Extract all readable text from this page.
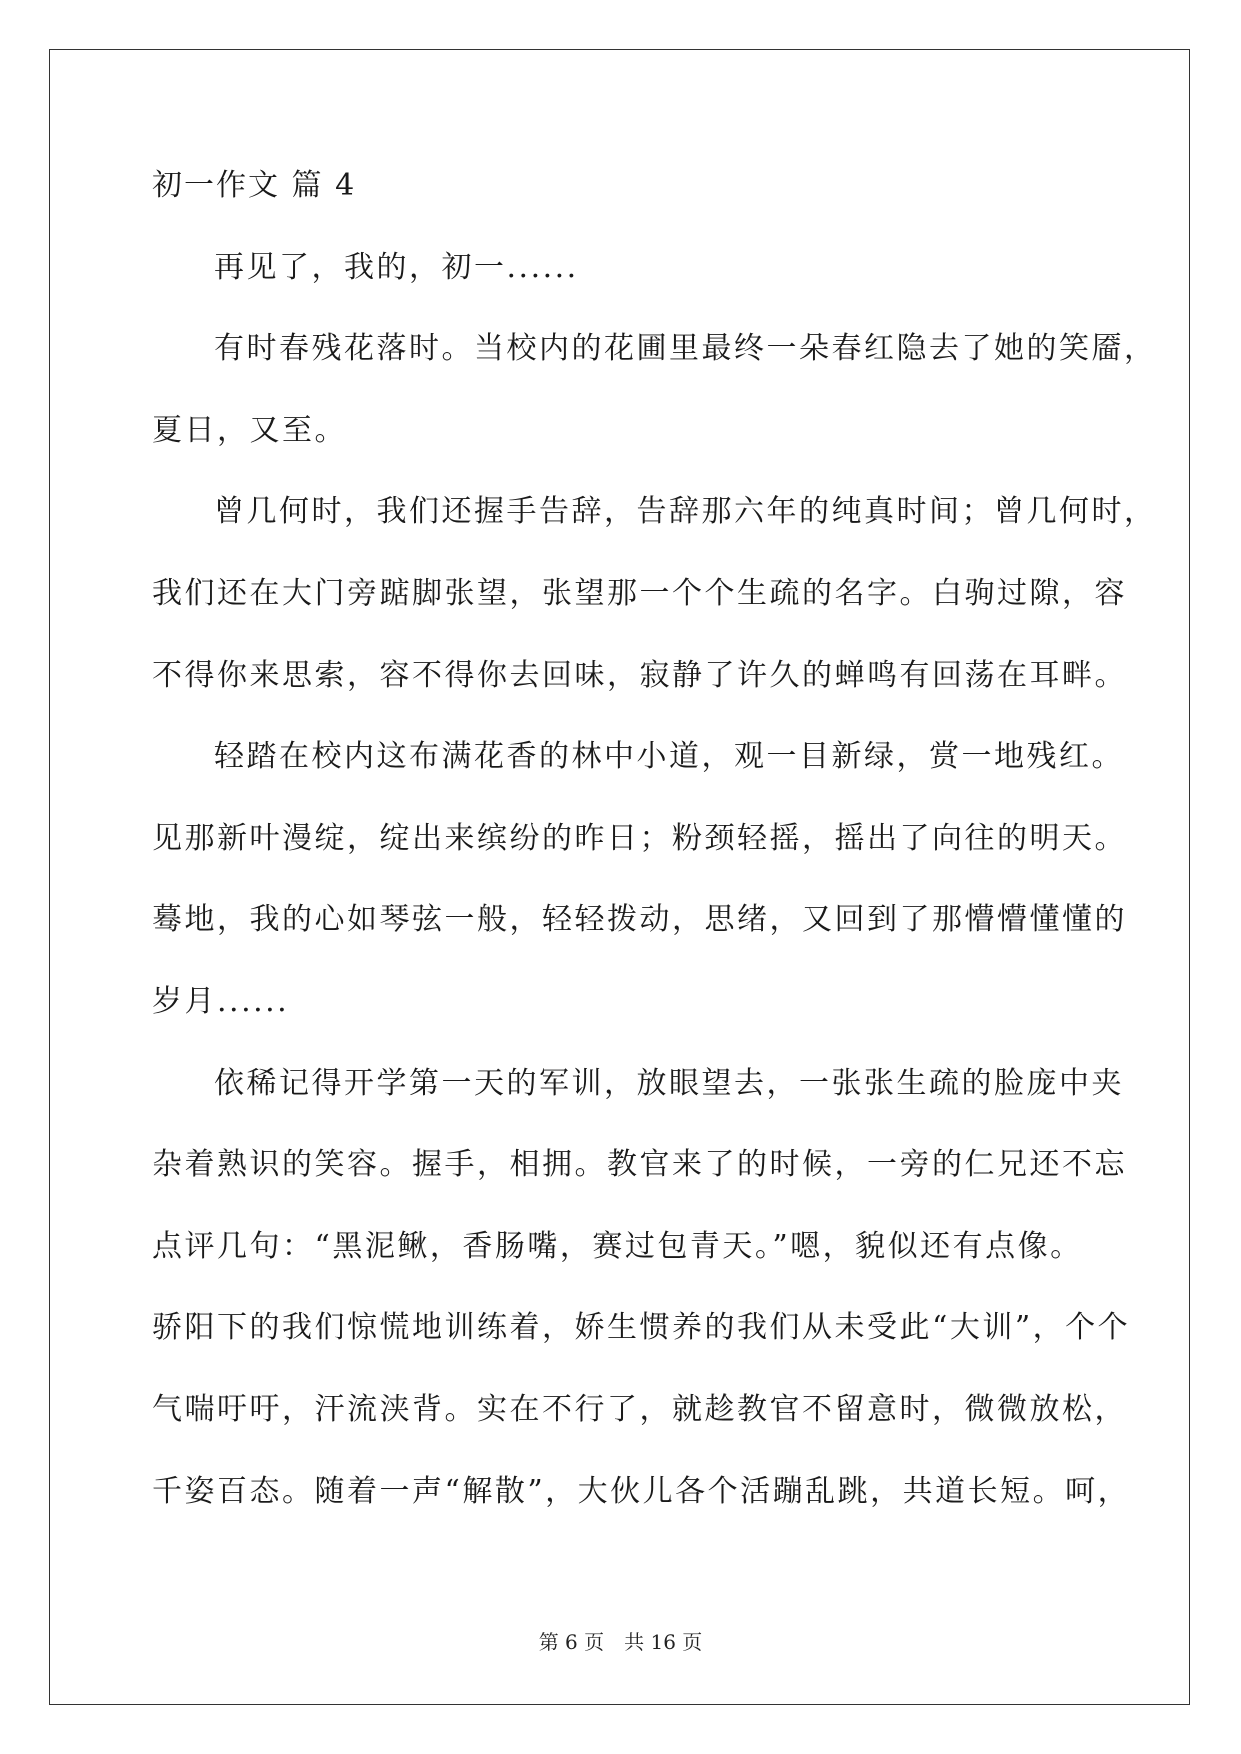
初一作文 篇 4
再见了，我的，初一......
有时春残花落时。当校内的花圃里最终一朵春红隐去了她的笑靥，
夏日，又至。
曾几何时，我们还握手告辞，告辞那六年的纯真时间；曾几何时，
我们还在大门旁踮脚张望，张望那一个个生疏的名字。白驹过隙，容
不得你来思索，容不得你去回味，寂静了许久的蝉鸣有回荡在耳畔。
轻踏在校内这布满花香的林中小道，观一目新绿，赏一地残红。
见那新叶漫绽，绽出来缤纷的昨日；粉颈轻摇，摇出了向往的明天。
蓦地，我的心如琴弦一般，轻轻拨动，思绪，又回到了那懵懵懂懂的
岁月......
依稀记得开学第一天的军训，放眼望去，一张张生疏的脸庞中夹
杂着熟识的笑容。握手，相拥。教官来了的时候，一旁的仁兄还不忘
点评几句：“黑泥鳅，香肠嘴，赛过包青天。”嗯，貌似还有点像。
骄阳下的我们惊慌地训练着，娇生惯养的我们从未受此“大训”，个个
气喘吁吁，汗流浃背。实在不行了，就趁教官不留意时，微微放松，
千姿百态。随着一声“解散”，大伙儿各个活蹦乱跳，共道长短。呵，
第 6 页　共 16 页
